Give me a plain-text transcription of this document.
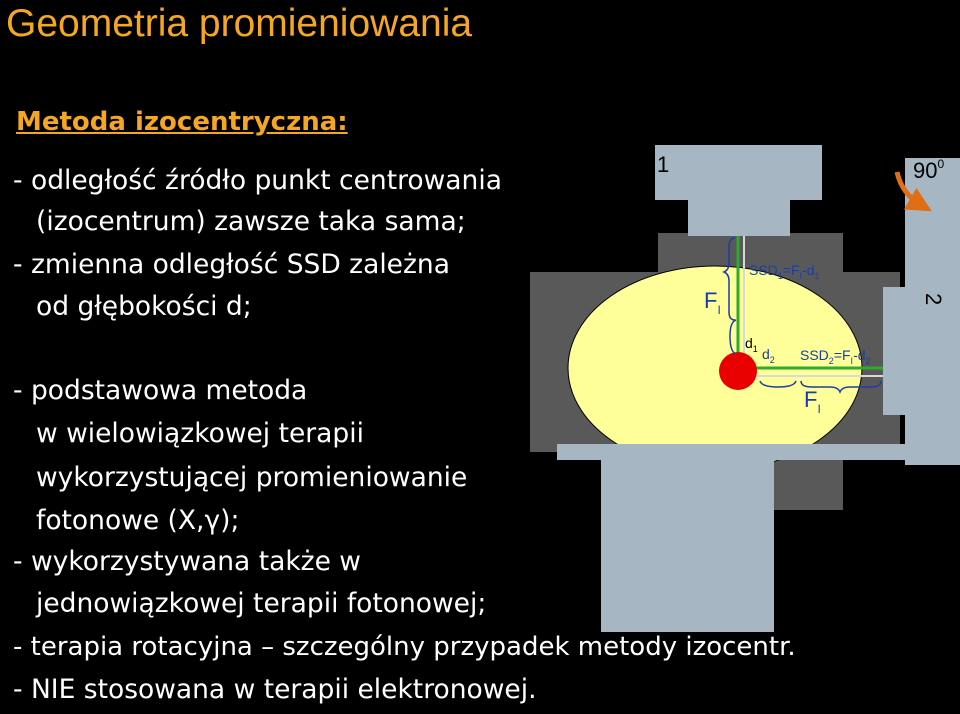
Geometria promieniowania
Metoda izocentryczna:
- odległość źródło punkt centrowania
(izocentrum) zawsze taka sama;
- zmienna odległość SSD zależna
od głębokości d;
- podstawowa metoda
w wielowiązkowej terapii
wykorzystującej promieniowanie
fotonowe (X,γ);
- wykorzystywana także w
jednowiązkowej terapii fotonowej;
- terapia rotacyjna – szczególny przypadek metody izocentr.
- NIE stosowana w terapii elektronowej.
1	$90^0$
2
$SSD_1=F_I-d_1$
$F_I$
$d_1$ $d_2$ $SSD_2=F_I-d_2$
$F_I$
